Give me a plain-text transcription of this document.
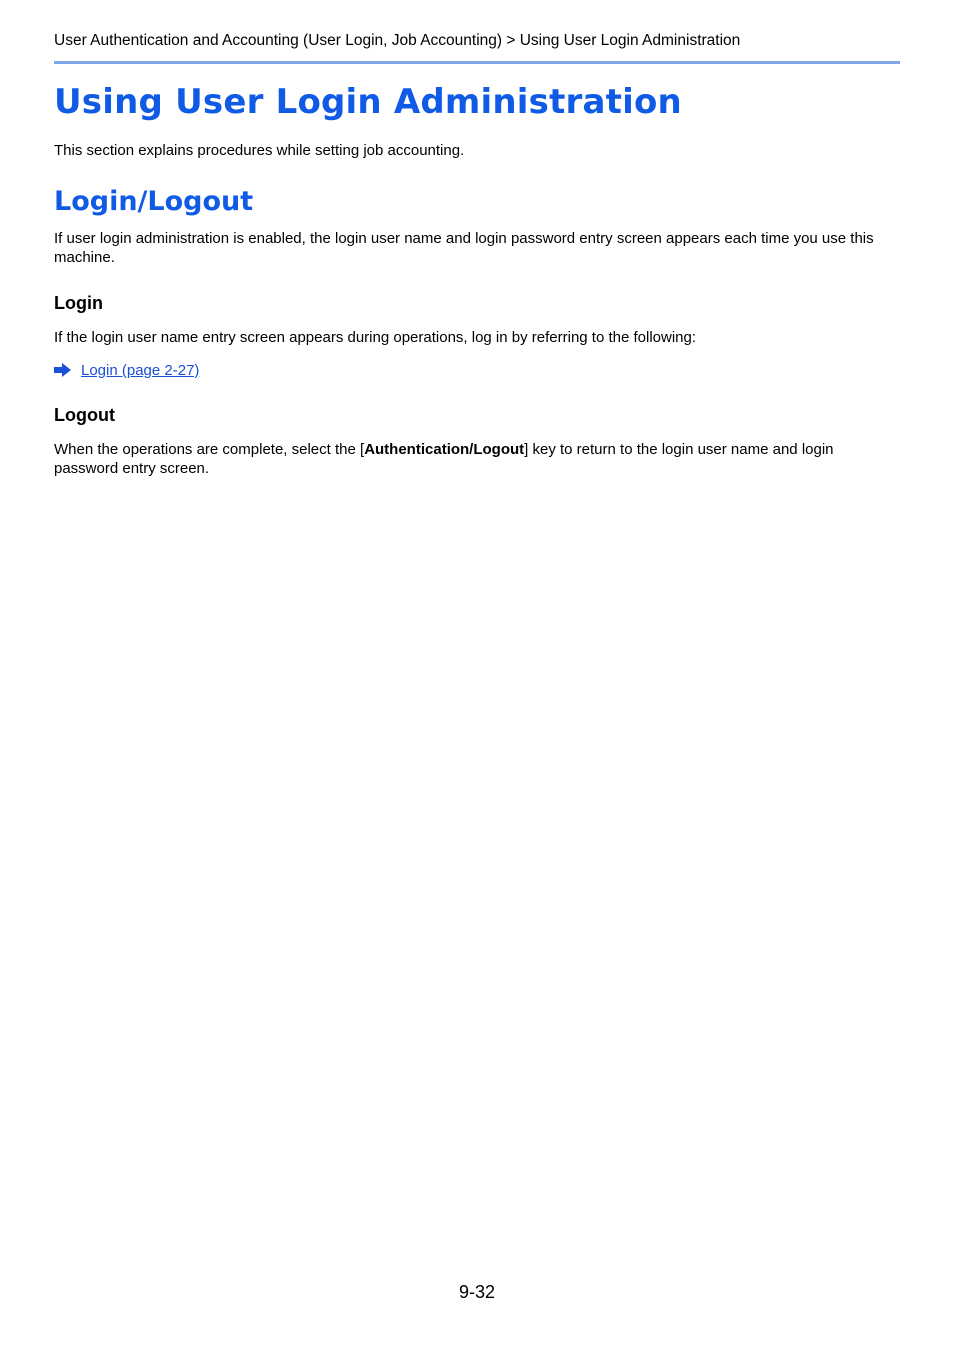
User Authentication and Accounting (User Login, Job Accounting) > Using User Login Administration
Using User Login Administration

This section explains procedures while setting job accounting.

Login/Logout

If user login administration is enabled, the login user name and login password entry screen appears each time you use this machine.

Login

If the login user name entry screen appears during operations, log in by referring to the following:

Login (page 2-27)
Logout

When the operations are complete, select the [Authentication/Logout] key to return to the login user name and login password entry screen.

9-32
